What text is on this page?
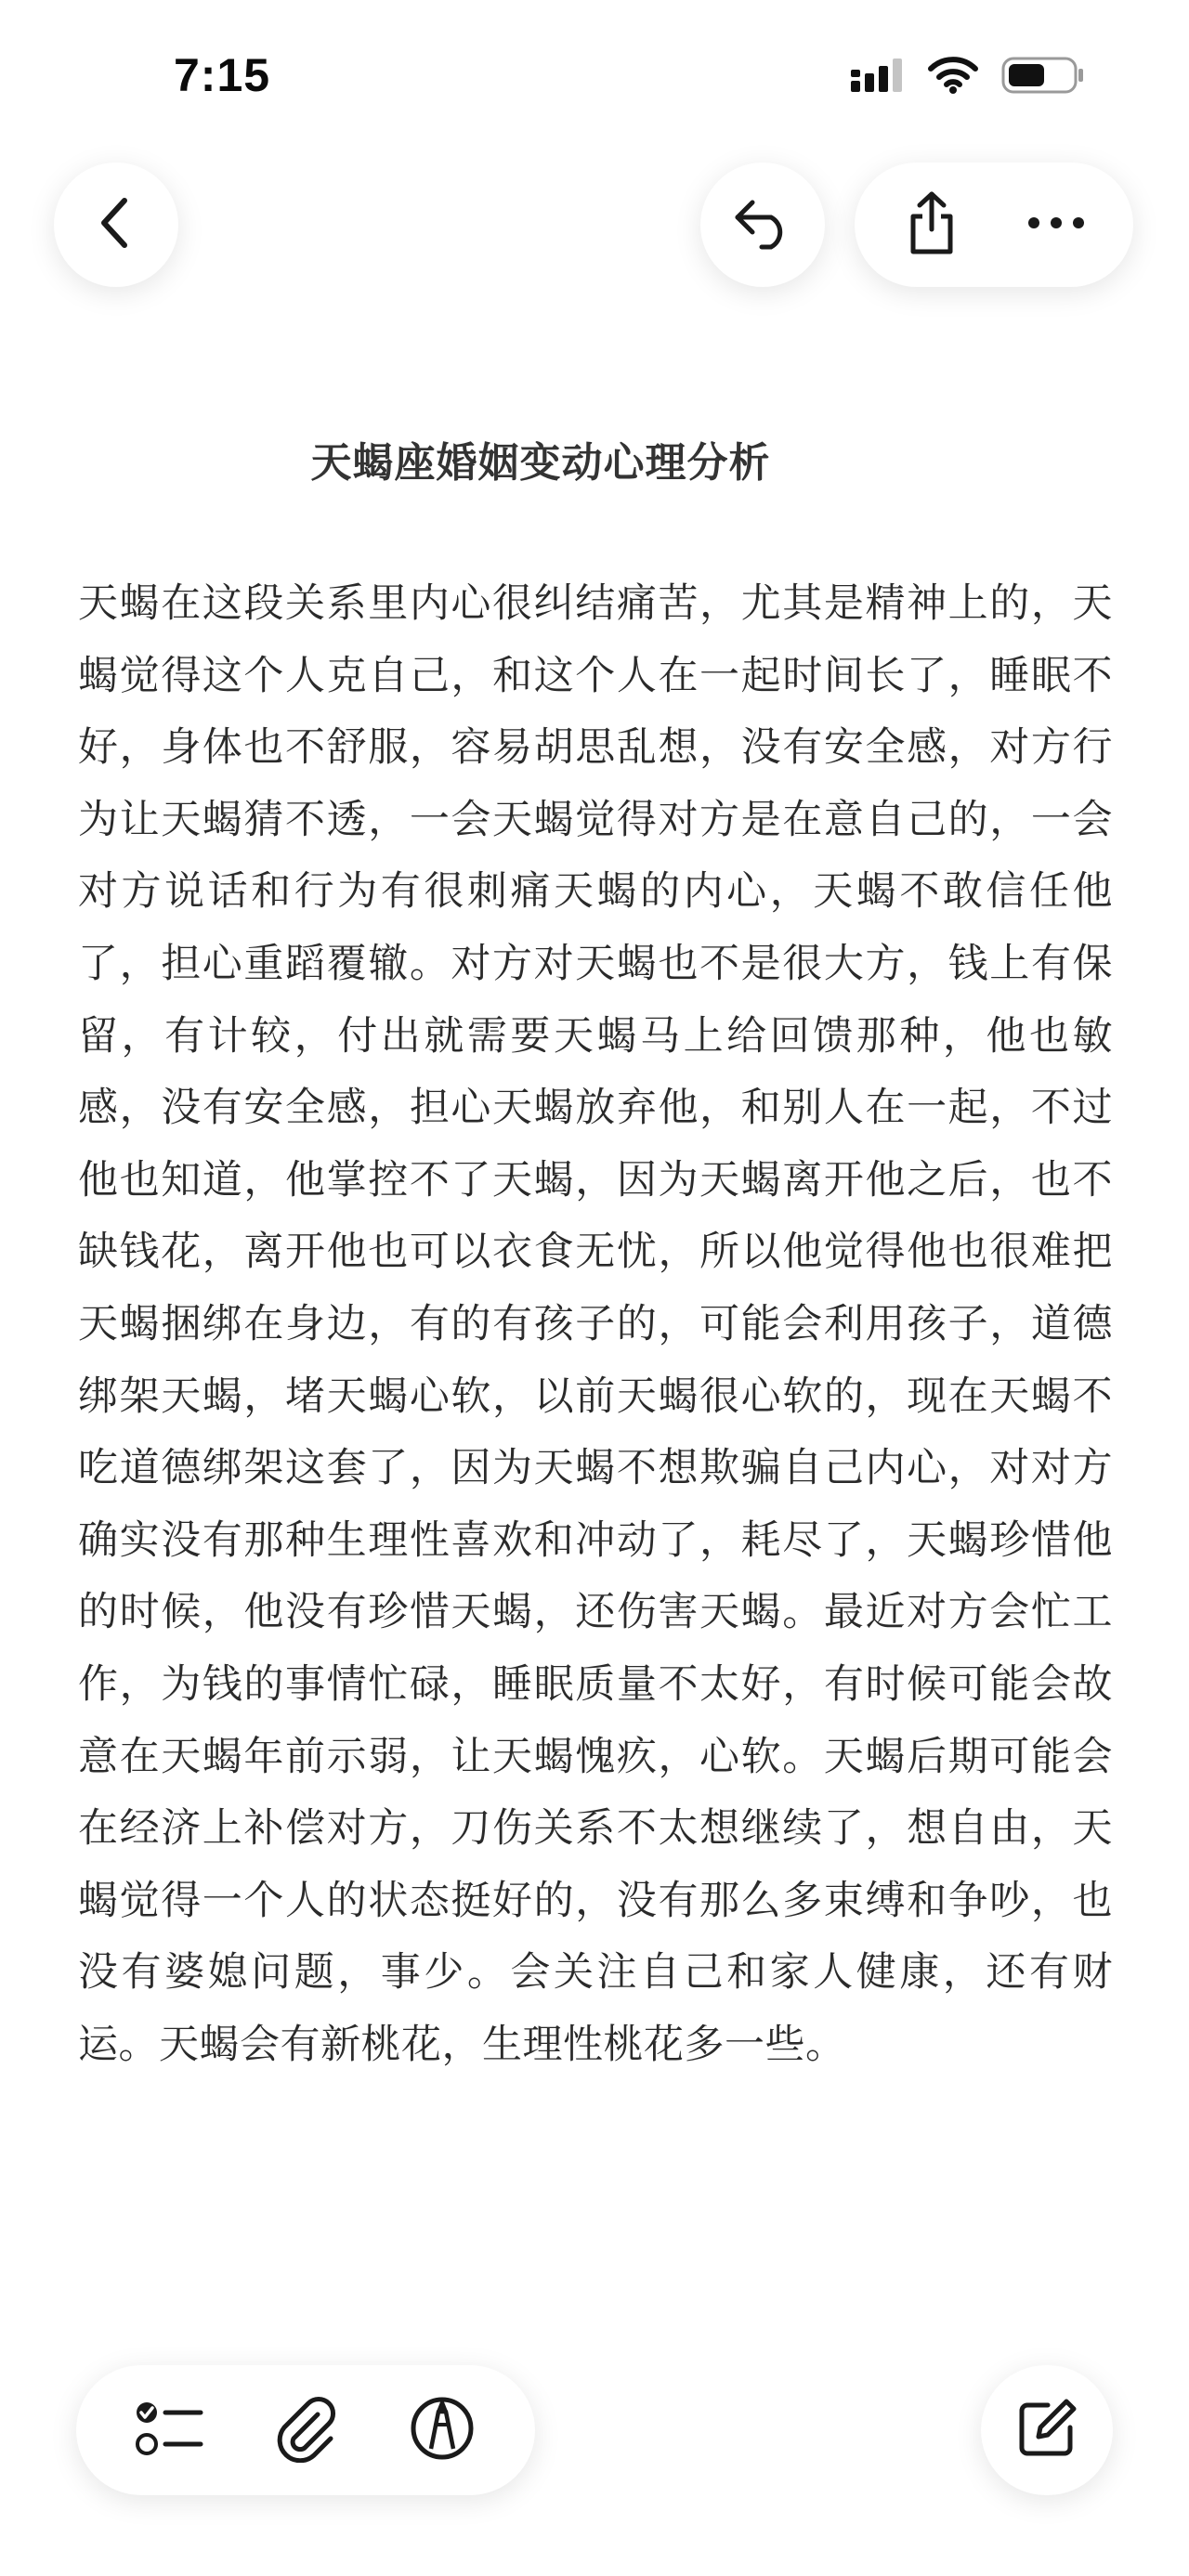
7:15
天蝎座婚姻变动心理分析
天蝎在这段关系里内心很纠结痛苦，尤其是精神上的，天蝎觉得这个人克自己，和这个人在一起时间长了，睡眠不好，身体也不舒服，容易胡思乱想，没有安全感，对方行为让天蝎猜不透，一会天蝎觉得对方是在意自己的，一会对方说话和行为有很刺痛天蝎的内心，天蝎不敢信任他了，担心重蹈覆辙。对方对天蝎也不是很大方，钱上有保留，有计较，付出就需要天蝎马上给回馈那种，他也敏感，没有安全感，担心天蝎放弃他，和别人在一起，不过他也知道，他掌控不了天蝎，因为天蝎离开他之后，也不缺钱花，离开他也可以衣食无忧，所以他觉得他也很难把天蝎捆绑在身边，有的有孩子的，可能会利用孩子，道德绑架天蝎，堵天蝎心软，以前天蝎很心软的，现在天蝎不吃道德绑架这套了，因为天蝎不想欺骗自己内心，对对方确实没有那种生理性喜欢和冲动了，耗尽了，天蝎珍惜他的时候，他没有珍惜天蝎，还伤害天蝎。最近对方会忙工作，为钱的事情忙碌，睡眠质量不太好，有时候可能会故意在天蝎年前示弱，让天蝎愧疚，心软。天蝎后期可能会在经济上补偿对方，刀伤关系不太想继续了，想自由，天蝎觉得一个人的状态挺好的，没有那么多束缚和争吵，也没有婆媳问题，事少。会关注自己和家人健康，还有财运。天蝎会有新桃花，生理性桃花多一些。
